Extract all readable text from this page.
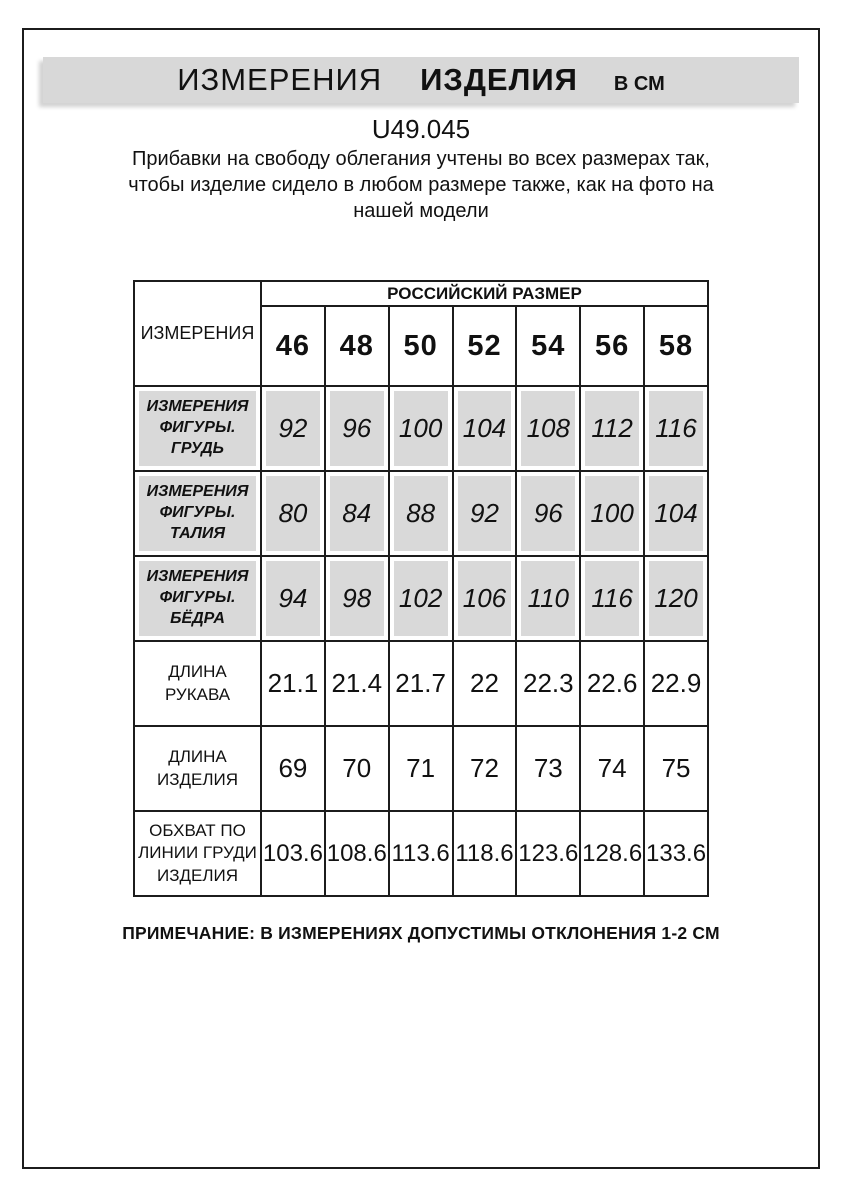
ИЗМЕРЕНИЯ ИЗДЕЛИЯ В СМ
U49.045
Прибавки на свободу облегания учтены во всех размерах так,
чтобы изделие сидело в любом размере также, как на фото на
нашей модели
ИЗМЕРЕНИЯ	РОССИЙСКИЙ РАЗМЕР						
	46	48	50	52	54	56	58
ИЗМЕРЕНИЯ ФИГУРЫ. ГРУДЬ	92	96	100	104	108	112	116
ИЗМЕРЕНИЯ ФИГУРЫ. ТАЛИЯ	80	84	88	92	96	100	104
ИЗМЕРЕНИЯ ФИГУРЫ. БЁДРА	94	98	102	106	110	116	120
ДЛИНА РУКАВА	21.1	21.4	21.7	22	22.3	22.6	22.9
ДЛИНА ИЗДЕЛИЯ	69	70	71	72	73	74	75
ОБХВАТ ПО ЛИНИИ ГРУДИ ИЗДЕЛИЯ	103.6	108.6	113.6	118.6	123.6	128.6	133.6
ПРИМЕЧАНИЕ: В ИЗМЕРЕНИЯХ ДОПУСТИМЫ ОТКЛОНЕНИЯ 1-2 СМ
